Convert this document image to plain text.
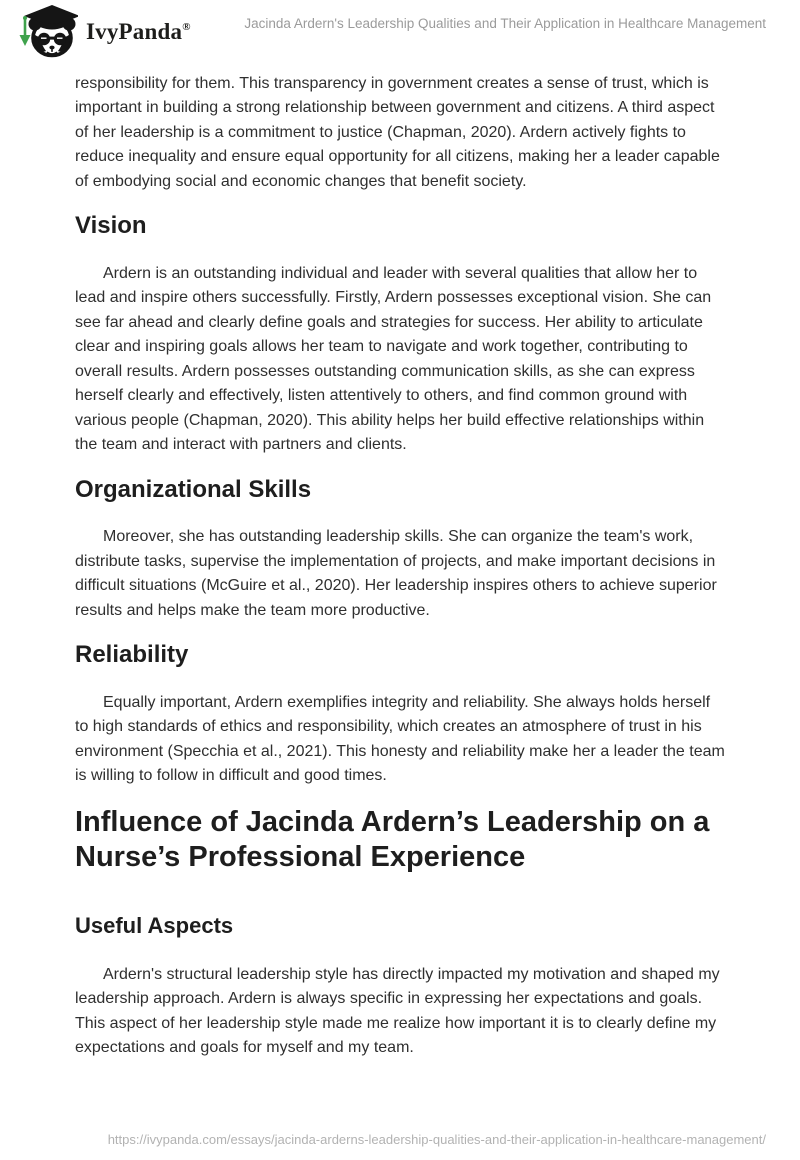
IvyPanda®	Jacinda Ardern's Leadership Qualities and Their Application in Healthcare Management

responsibility for them. This transparency in government creates a sense of trust, which is important in building a strong relationship between government and citizens. A third aspect of her leadership is a commitment to justice (Chapman, 2020). Ardern actively fights to reduce inequality and ensure equal opportunity for all citizens, making her a leader capable of embodying social and economic changes that benefit society.

Vision

Ardern is an outstanding individual and leader with several qualities that allow her to lead and inspire others successfully. Firstly, Ardern possesses exceptional vision. She can see far ahead and clearly define goals and strategies for success. Her ability to articulate clear and inspiring goals allows her team to navigate and work together, contributing to overall results. Ardern possesses outstanding communication skills, as she can express herself clearly and effectively, listen attentively to others, and find common ground with various people (Chapman, 2020). This ability helps her build effective relationships within the team and interact with partners and clients.

Organizational Skills

Moreover, she has outstanding leadership skills. She can organize the team's work, distribute tasks, supervise the implementation of projects, and make important decisions in difficult situations (McGuire et al., 2020). Her leadership inspires others to achieve superior results and helps make the team more productive.

Reliability

Equally important, Ardern exemplifies integrity and reliability. She always holds herself to high standards of ethics and responsibility, which creates an atmosphere of trust in his environment (Specchia et al., 2021). This honesty and reliability make her a leader the team is willing to follow in difficult and good times.

Influence of Jacinda Ardern’s Leadership on a Nurse’s Professional Experience
Useful Aspects

Ardern's structural leadership style has directly impacted my motivation and shaped my leadership approach. Ardern is always specific in expressing her expectations and goals. This aspect of her leadership style made me realize how important it is to clearly define my expectations and goals for myself and my team.

https://ivypanda.com/essays/jacinda-arderns-leadership-qualities-and-their-application-in-healthcare-management/
